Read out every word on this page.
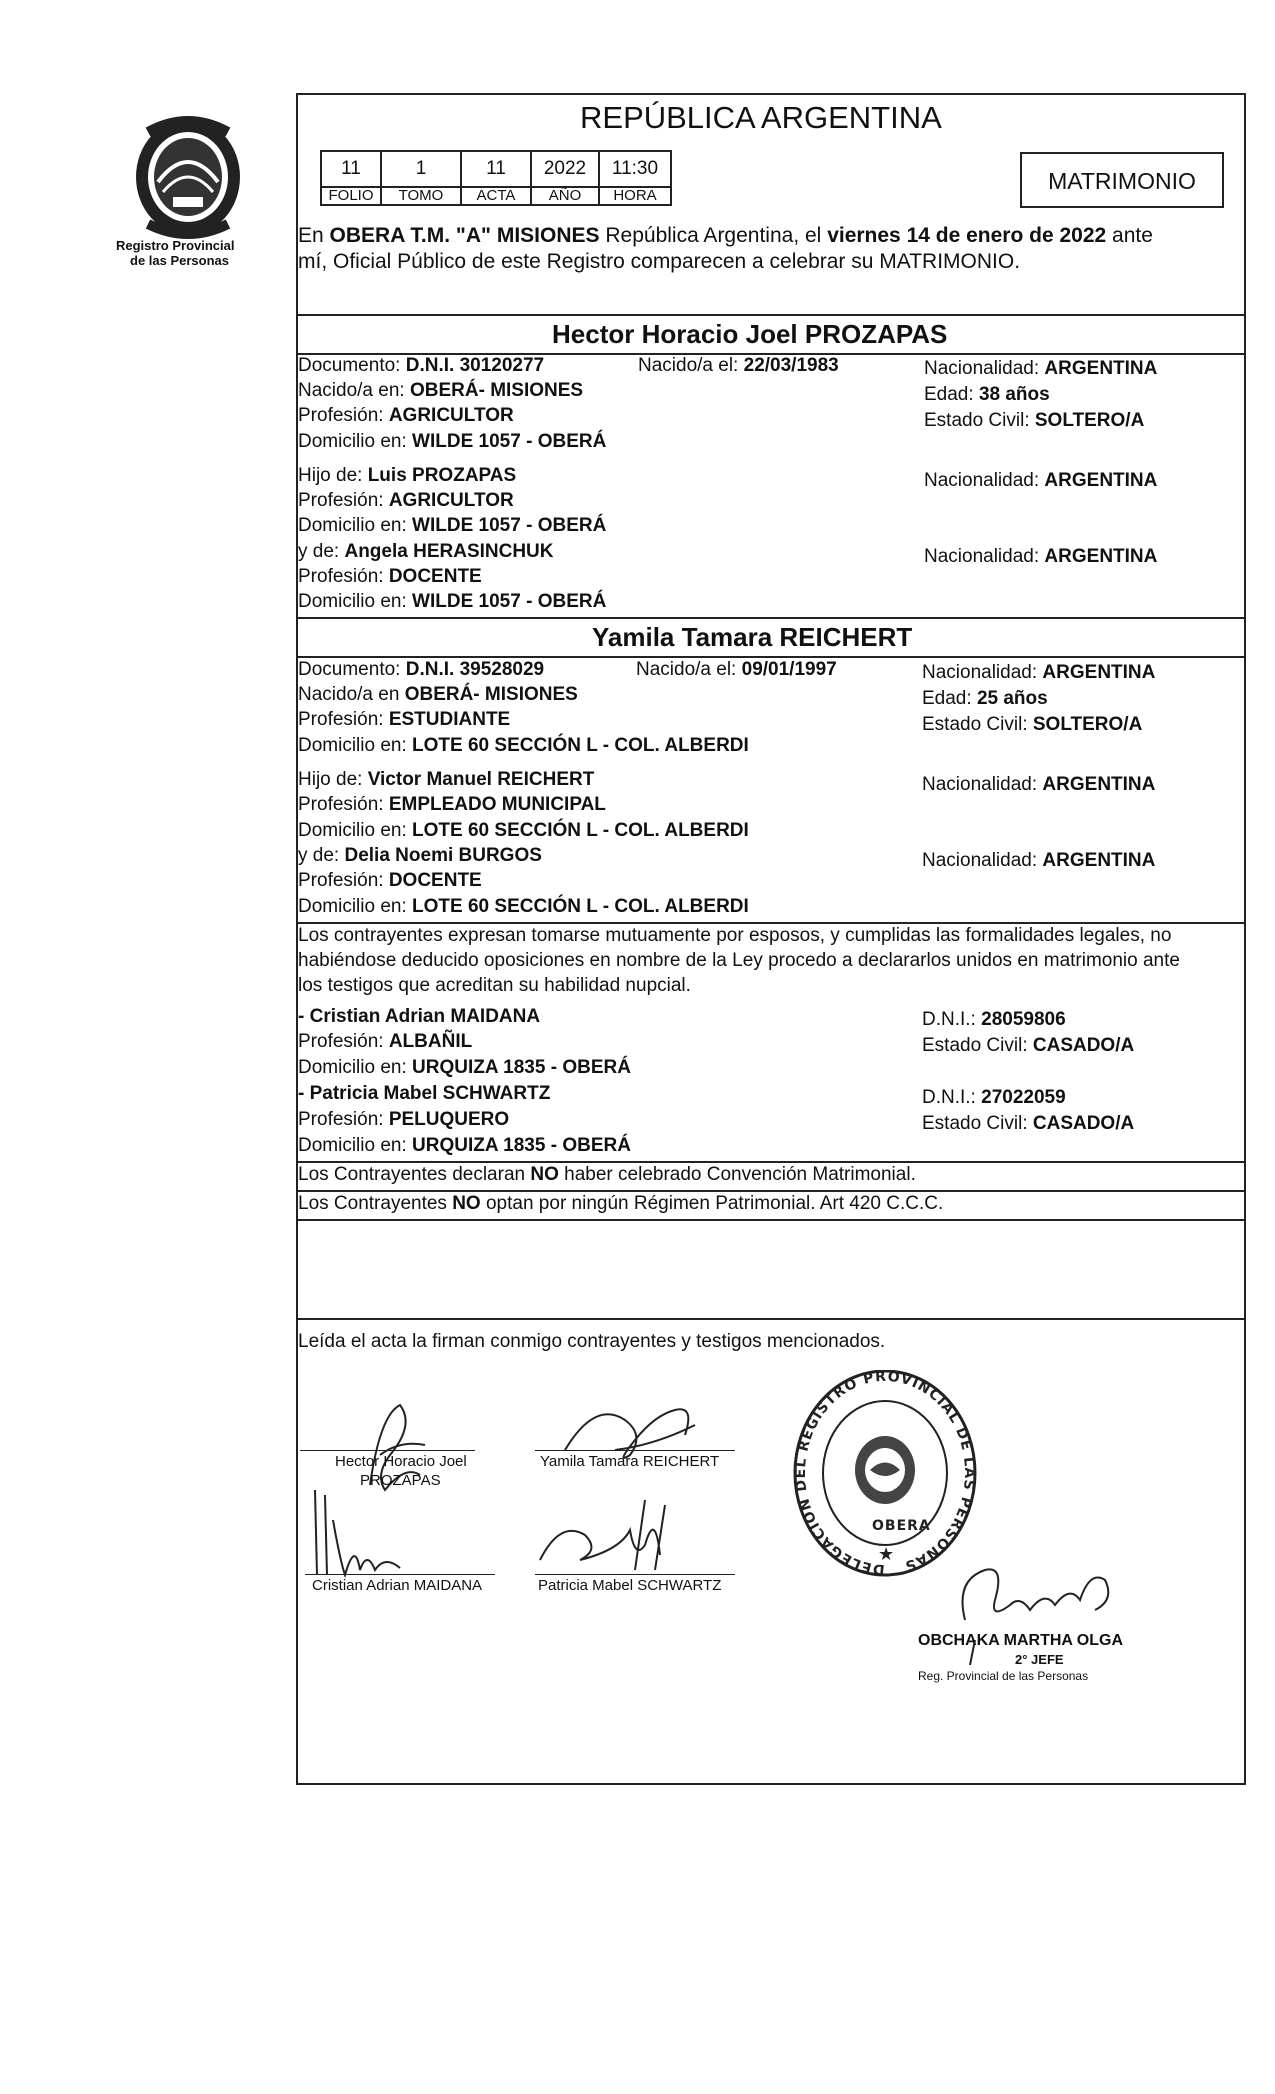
Registro Provincial
de las Personas
REPÚBLICA ARGENTINA
11	1	11	2022	11:30
FOLIO	TOMO	ACTA	AÑO	HORA
MATRIMONIO
En OBERA T.M. "A" MISIONES República Argentina, el viernes 14 de enero de 2022 ante
mí, Oficial Público de este Registro comparecen a celebrar su MATRIMONIO.
Hector Horacio Joel PROZAPAS
Documento: D.N.I. 30120277	Nacido/a el: 22/03/1983	Nacionalidad: ARGENTINA
Nacido/a en: OBERÁ- MISIONES	Edad: 38 años
Profesión: AGRICULTOR	Estado Civil: SOLTERO/A
Domicilio en: WILDE 1057 - OBERÁ
Hijo de: Luis PROZAPAS	Nacionalidad: ARGENTINA
Profesión: AGRICULTOR
Domicilio en: WILDE 1057 - OBERÁ
y de: Angela HERASINCHUK	Nacionalidad: ARGENTINA
Profesión: DOCENTE
Domicilio en: WILDE 1057 - OBERÁ
Yamila Tamara REICHERT
Documento: D.N.I. 39528029	Nacido/a el: 09/01/1997	Nacionalidad: ARGENTINA
Nacido/a en OBERÁ- MISIONES	Edad: 25 años
Profesión: ESTUDIANTE	Estado Civil: SOLTERO/A
Domicilio en: LOTE 60 SECCIÓN L - COL. ALBERDI
Hijo de: Victor Manuel REICHERT	Nacionalidad: ARGENTINA
Profesión: EMPLEADO MUNICIPAL
Domicilio en: LOTE 60 SECCIÓN L - COL. ALBERDI
y de: Delia Noemi BURGOS	Nacionalidad: ARGENTINA
Profesión: DOCENTE
Domicilio en: LOTE 60 SECCIÓN L - COL. ALBERDI
Los contrayentes expresan tomarse mutuamente por esposos, y cumplidas las formalidades legales, no
habiéndose deducido oposiciones en nombre de la Ley procedo a declararlos unidos en matrimonio ante
los testigos que acreditan su habilidad nupcial.
- Cristian Adrian MAIDANA	D.N.I.: 28059806
Profesión: ALBAÑIL	Estado Civil: CASADO/A
Domicilio en: URQUIZA 1835 - OBERÁ
- Patricia Mabel SCHWARTZ	D.N.I.: 27022059
Profesión: PELUQUERO	Estado Civil: CASADO/A
Domicilio en: URQUIZA 1835 - OBERÁ
Los Contrayentes declaran NO haber celebrado Convención Matrimonial.
Los Contrayentes NO optan por ningún Régimen Patrimonial. Art 420 C.C.C.
Leída el acta la firman conmigo contrayentes y testigos mencionados.
Hector Horacio Joel
PROZAPAS
Yamila Tamara REICHERT
Cristian Adrian MAIDANA	Patricia Mabel SCHWARTZ
DELEGACION DEL REGISTRO PROVINCIAL DE LAS PERSONAS
OBERA
★
OBCHAKA MARTHA OLGA
2° JEFE
Reg. Provincial de las Personas
